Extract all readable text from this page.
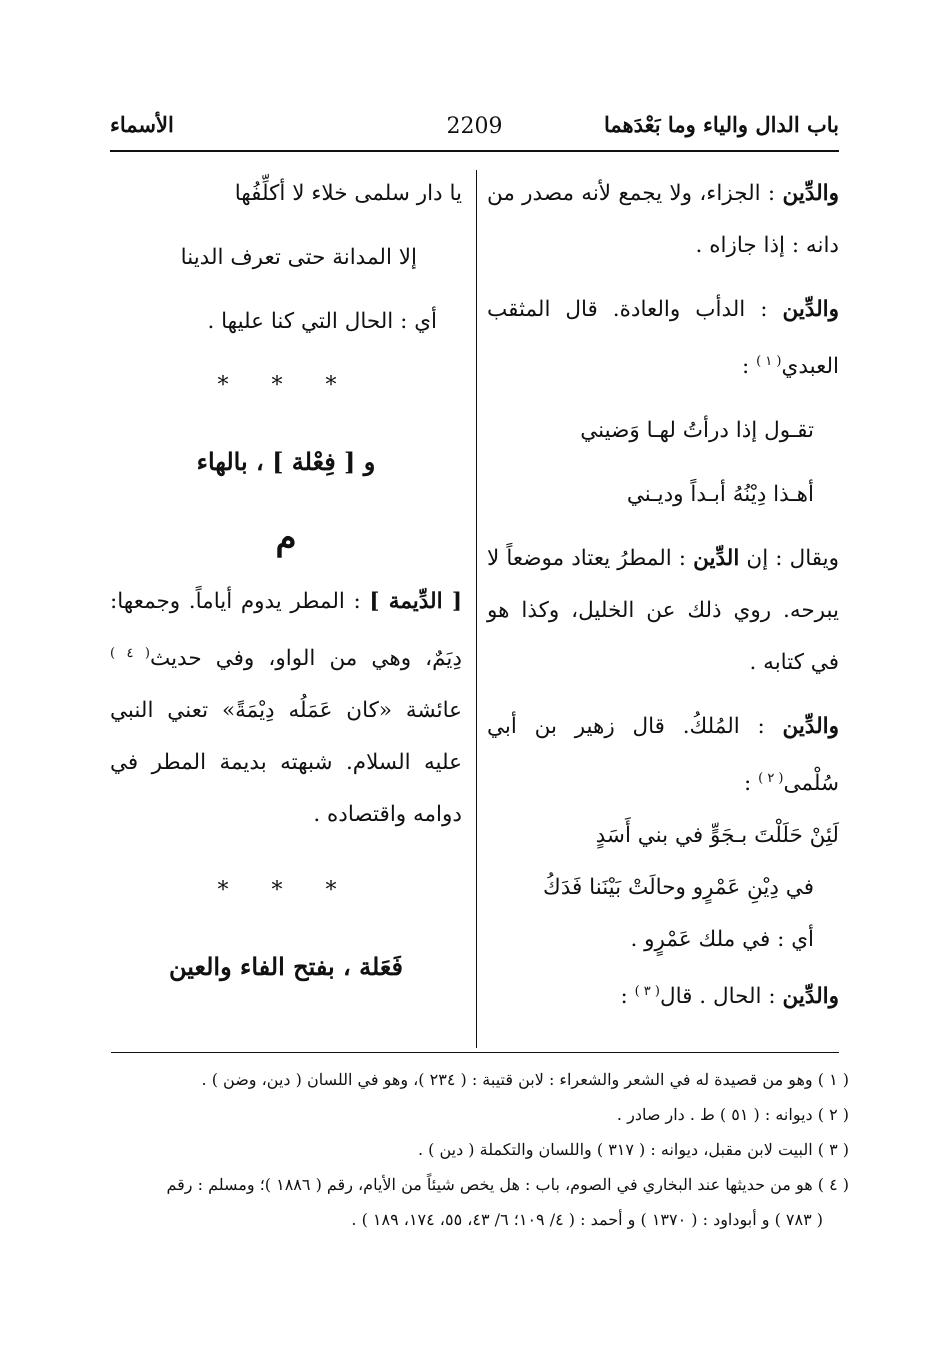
باب الدال والياء وما بَعْدَهما
2209
الأسماء

والدِّين : الجزاء، ولا يجمع لأنه مصدر من دانه : إذا جازاه .

والدِّين : الدأب والعادة. قال المثقب العبدي$^{( ١ )}$ :

تقـول إذا درأتُ لهـا وَضيني

أهـذا دِيْنُهُ أبـداً وديـني

ويقال : إن الدِّين : المطرُ يعتاد موضعاً لا يبرحه. روي ذلك عن الخليل، وكذا هو في كتابه .

والدِّين : المُلكُ. قال زهير بن أبي سُلْمى$^{( ٢ )}$ :

لَئِنْ حَلَلْتَ بـجَوٍّ في بني أَسَدٍ

في دِيْنِ عَمْرٍو وحالَتْ بَيْنَنا فَدَكُ

أي : في ملك عَمْرٍو .

والدِّين : الحال . قال$^{( ٣ )}$ :

يا دار سلمى خلاء لا أكلِّفُها

إلا المدانة حتى تعرف الدينا

أي : الحال التي كنا عليها .

* * *

و [ فِعْلة ] ، بالهاء

م

[ الدِّيمة ] : المطر يدوم أياماً. وجمعها: دِيَمٌ، وهي من الواو، وفي حديث$^{( ٤ )}$ عائشة «كان عَمَلُه دِيْمَةً» تعني النبي عليه السلام. شبهته بديمة المطر في دوامه واقتصاده .

* * *

فَعَلة ، بفتح الفاء والعين

( ١ ) وهو من قصيدة له في الشعر والشعراء : لابن قتيبة : ( ٢٣٤ )، وهو في اللسان ( دين، وضن ) .

( ٢ ) ديوانه : ( ٥١ ) ط . دار صادر .

( ٣ ) البيت لابن مقبل، ديوانه : ( ٣١٧ ) واللسان والتكملة ( دين ) .

( ٤ ) هو من حديثها عند البخاري في الصوم، باب : هل يخص شيئاً من الأيام، رقم ( ١٨٨٦ )؛ ومسلم : رقم

( ٧٨٣ ) و أبوداود : ( ١٣٧٠ ) و أحمد : ( ٤/ ١٠٩؛ ٦/ ٤٣، ٥٥، ١٧٤، ١٨٩ ) .
